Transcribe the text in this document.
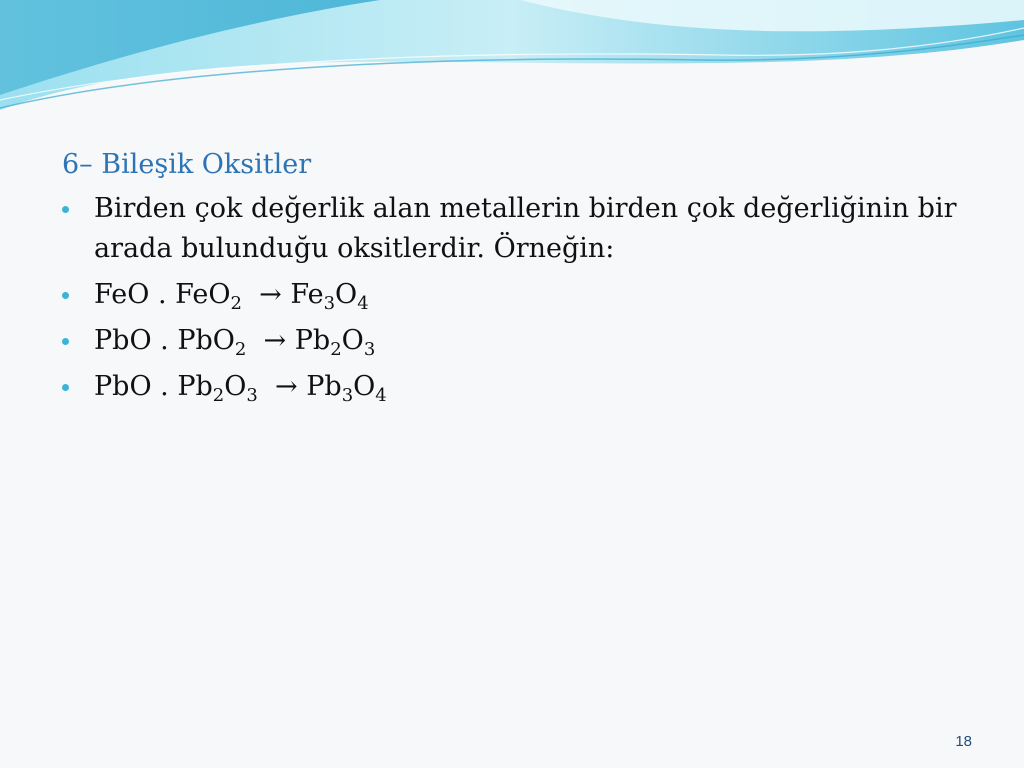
6– Bileşik Oksitler
Birden çok değerlik alan metallerin birden çok değerliğinin bir arada bulunduğu oksitlerdir. Örneğin:
FeO . $FeO_2 \to Fe_3O_4$
PbO . $PbO_2 \to Pb_2O_3$
PbO . $Pb_2O_3 \to Pb_3O_4$
18
